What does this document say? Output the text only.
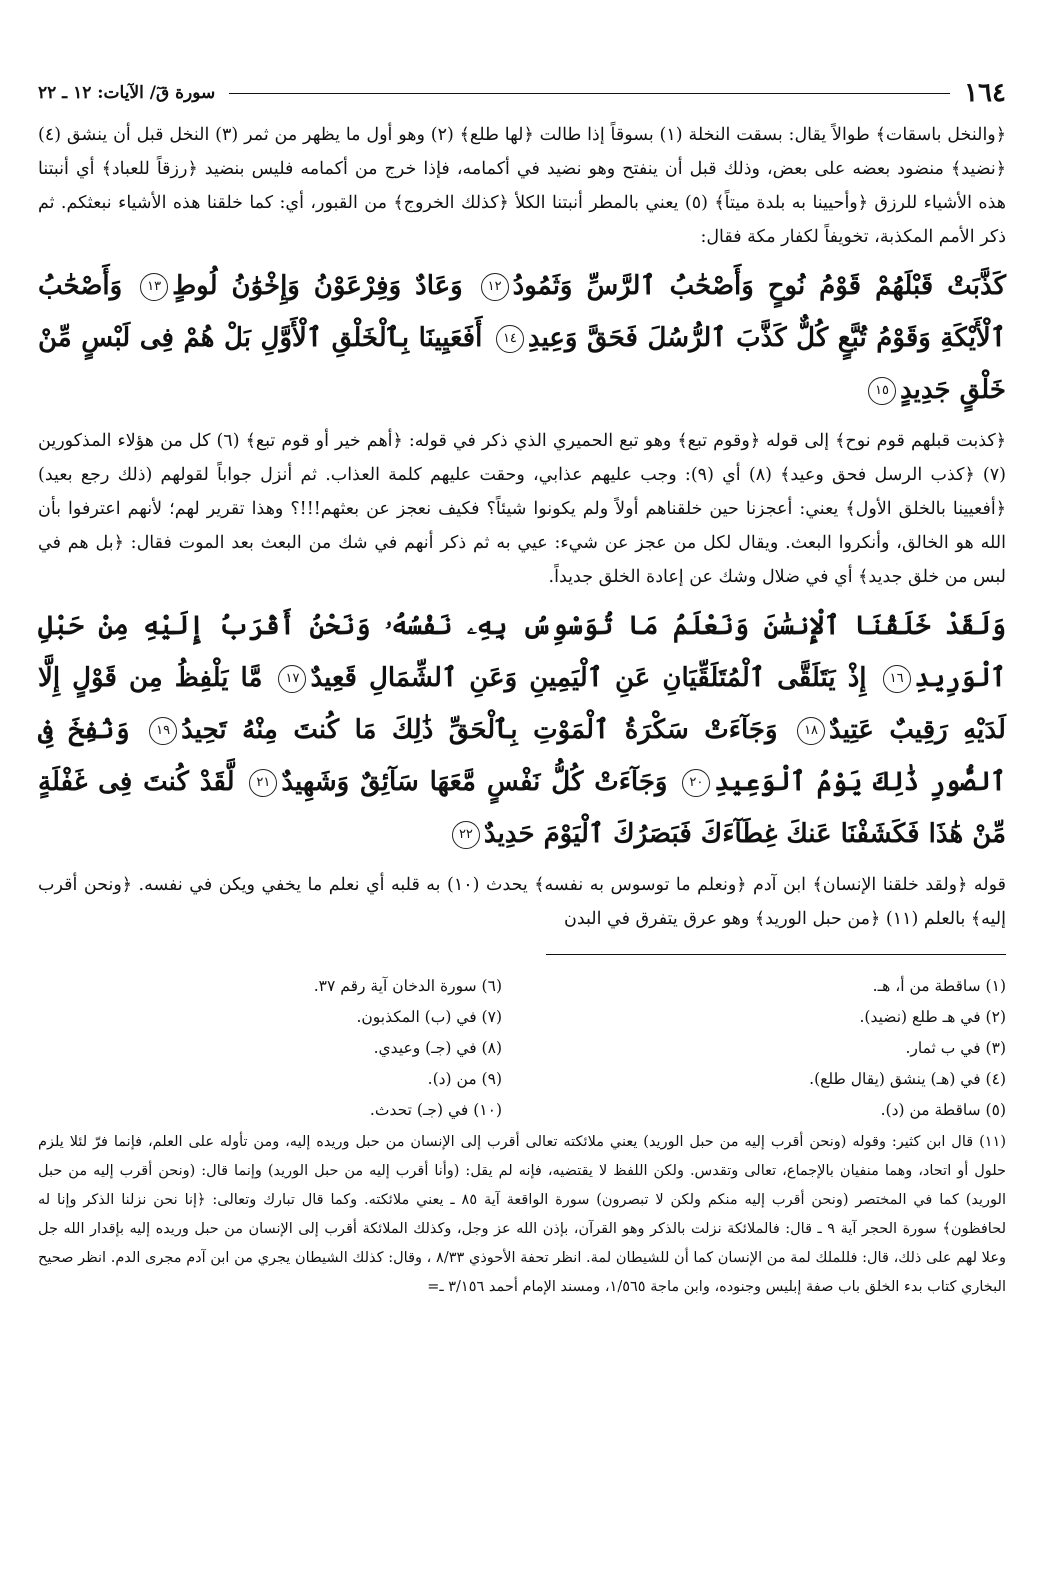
١٦٤
سورة قٓ/ الآيات: ١٢ ـ ٢٢

﴿والنخل باسقات﴾ طوالاً يقال: بسقت النخلة (١) بسوقاً إذا طالت ﴿لها طلع﴾ (٢) وهو أول ما يظهر من ثمر (٣) النخل قبل أن ينشق (٤) ﴿نضيد﴾ منضود بعضه على بعض، وذلك قبل أن ينفتح وهو نضيد في أكمامه، فإذا خرج من أكمامه فليس بنضيد ﴿رزقاً للعباد﴾ أي أنبتنا هذه الأشياء للرزق ﴿وأحيينا به بلدة ميتاً﴾ (٥) يعني بالمطر أنبتنا الكلأ ﴿كذلك الخروج﴾ من القبور، أي: كما خلقنا هذه الأشياء نبعثكم. ثم ذكر الأمم المكذبة، تخويفاً لكفار مكة فقال:

كَذَّبَتْ قَبْلَهُمْ قَوْمُ نُوحٍ وَأَصْحَٰبُ ٱلرَّسِّ وَثَمُودُ١٢ وَعَادٌ وَفِرْعَوْنُ وَإِخْوَٰنُ لُوطٍ١٣ وَأَصْحَٰبُ ٱلْأَيْكَةِ وَقَوْمُ تُبَّعٍ كُلٌّ كَذَّبَ ٱلرُّسُلَ فَحَقَّ وَعِيدِ١٤ أَفَعَيِينَا بِٱلْخَلْقِ ٱلْأَوَّلِ بَلْ هُمْ فِى لَبْسٍ مِّنْ خَلْقٍ جَدِيدٍ١٥

﴿كذبت قبلهم قوم نوح﴾ إلى قوله ﴿وقوم تبع﴾ وهو تبع الحميري الذي ذكر في قوله: ﴿أهم خير أو قوم تبع﴾ (٦) كل من هؤلاء المذكورين (٧) ﴿كذب الرسل فحق وعيد﴾ (٨) أي (٩): وجب عليهم عذابي، وحقت عليهم كلمة العذاب. ثم أنزل جواباً لقولهم (ذلك رجع بعيد) ﴿أفعيينا بالخلق الأول﴾ يعني: أعجزنا حين خلقناهم أولاً ولم يكونوا شيئاً؟ فكيف نعجز عن بعثهم!!!؟ وهذا تقرير لهم؛ لأنهم اعترفوا بأن الله هو الخالق، وأنكروا البعث. ويقال لكل من عجز عن شيء: عيي به ثم ذكر أنهم في شك من البعث بعد الموت فقال: ﴿بل هم في لبس من خلق جديد﴾ أي في ضلال وشك عن إعادة الخلق جديداً.

وَلَقَدْ خَلَقْنَا ٱلْإِنسَٰنَ وَنَعْلَمُ مَا تُوَسْوِسُ بِهِۦ نَفْسُهُۥ وَنَحْنُ أَقْرَبُ إِلَيْهِ مِنْ حَبْلِ ٱلْوَرِيدِ١٦ إِذْ يَتَلَقَّى ٱلْمُتَلَقِّيَانِ عَنِ ٱلْيَمِينِ وَعَنِ ٱلشِّمَالِ قَعِيدٌ١٧ مَّا يَلْفِظُ مِن قَوْلٍ إِلَّا لَدَيْهِ رَقِيبٌ عَتِيدٌ١٨ وَجَآءَتْ سَكْرَةُ ٱلْمَوْتِ بِٱلْحَقِّ ذَٰلِكَ مَا كُنتَ مِنْهُ تَحِيدُ١٩ وَنُفِخَ فِى ٱلصُّورِ ذَٰلِكَ يَوْمُ ٱلْوَعِيدِ٢٠ وَجَآءَتْ كُلُّ نَفْسٍ مَّعَهَا سَآئِقٌ وَشَهِيدٌ٢١ لَّقَدْ كُنتَ فِى غَفْلَةٍ مِّنْ هَٰذَا فَكَشَفْنَا عَنكَ غِطَآءَكَ فَبَصَرُكَ ٱلْيَوْمَ حَدِيدٌ٢٢

قوله ﴿ولقد خلقنا الإنسان﴾ ابن آدم ﴿ونعلم ما توسوس به نفسه﴾ يحدث (١٠) به قلبه أي نعلم ما يخفي ويكن في نفسه. ﴿ونحن أقرب إليه﴾ بالعلم (١١) ﴿من حبل الوريد﴾ وهو عرق يتفرق في البدن

(١) ساقطة من أ، هـ.
(٢) في هـ طلع (نضيد).
(٣) في ب ثمار.
(٤) في (هـ) ينشق (يقال طلع).
(٥) ساقطة من (د).
(٦) سورة الدخان آية رقم ٣٧.
(٧) في (ب) المكذبون.
(٨) في (جـ) وعيدي.
(٩) من (د).
(١٠) في (جـ) تحدث.
(١١) قال ابن كثير: وقوله (ونحن أقرب إليه من حبل الوريد) يعني ملائكته تعالى أقرب إلى الإنسان من حبل وريده إليه، ومن تأوله على العلم، فإنما فرّ لئلا يلزم حلول أو اتحاد، وهما منفيان بالإجماع، تعالى وتقدس. ولكن اللفظ لا يقتضيه، فإنه لم يقل: (وأنا أقرب إليه من حبل الوريد) وإنما قال: (ونحن أقرب إليه من حبل الوريد) كما في المختصر (ونحن أقرب إليه منكم ولكن لا تبصرون) سورة الواقعة آية ٨٥ ـ يعني ملائكته. وكما قال تبارك وتعالى: ﴿إنا نحن نزلنا الذكر وإنا له لحافظون﴾ سورة الحجر آية ٩ ـ قال: فالملائكة نزلت بالذكر وهو القرآن، بإذن الله عز وجل، وكذلك الملائكة أقرب إلى الإنسان من حبل وريده إليه بإقدار الله جل وعلا لهم على ذلك، قال: فللملك لمة من الإنسان كما أن للشيطان لمة. انظر تحفة الأحوذي ٨/٣٣ ، وقال: كذلك الشيطان يجري من ابن آدم مجرى الدم. انظر صحيح البخاري كتاب بدء الخلق باب صفة إبليس وجنوده، وابن ماجة ١/٥٦٥، ومسند الإمام أحمد ٣/١٥٦ ـ=
